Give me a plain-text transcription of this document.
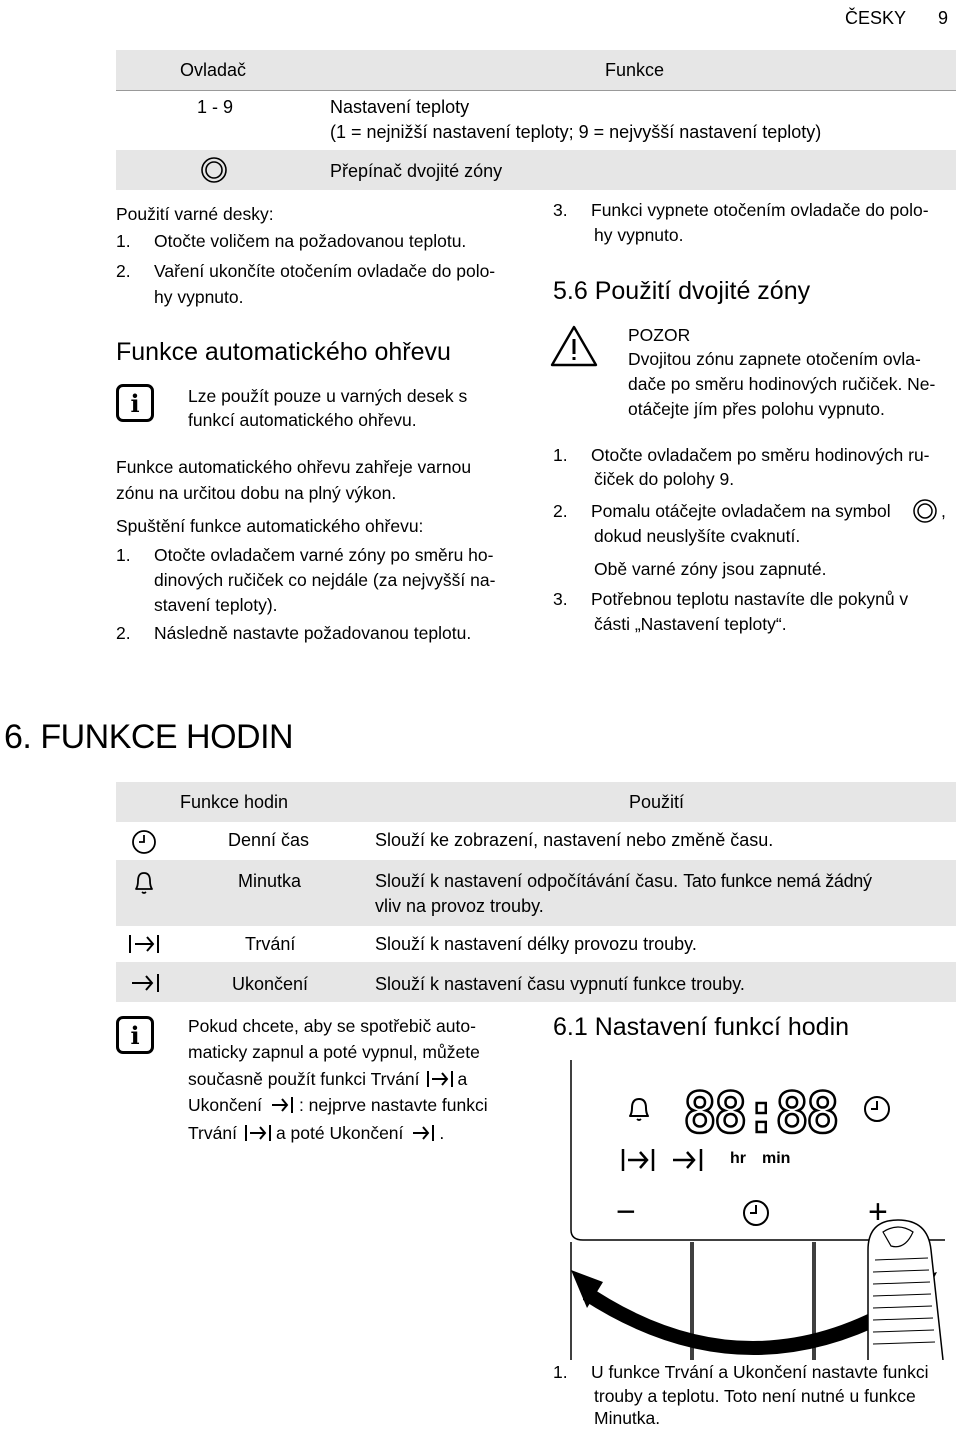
ČESKY 9
Ovladač	Funkce
1 - 9	Nastavení teploty
(1 = nejnižší nastavení teploty; 9 = nejvyšší nastavení teploty)
Přepínač dvojité zóny
Použití varné desky:
1. Otočte voličem na požadovanou teplotu.
2. Vaření ukončíte otočením ovladače do polo-
hy vypnuto.
Funkce automatického ohřevu
i	Lze použít pouze u varných desek s
funkcí automatického ohřevu.
Funkce automatického ohřevu zahřeje varnou
zónu na určitou dobu na plný výkon.
Spuštění funkce automatického ohřevu:
1. Otočte ovladačem varné zóny po směru ho-
dinových ručiček co nejdále (za nejvyšší na-
stavení teploty).
2. Následně nastavte požadovanou teplotu.
3. Funkci vypnete otočením ovladače do polo-
hy vypnuto.
5.6 Použití dvojité zóny
POZOR
Dvojitou zónu zapnete otočením ovla-
dače po směru hodinových ručiček. Ne-
otáčejte jím přes polohu vypnuto.
1. Otočte ovladačem po směru hodinových ru-
čiček do polohy 9.
2. Pomalu otáčejte ovladačem na symbol	,
dokud neuslyšíte cvaknutí.
Obě varné zóny jsou zapnuté.
3. Potřebnou teplotu nastavíte dle pokynů v
části „Nastavení teploty“.
6. FUNKCE HODIN
Funkce hodin	Použití
Denní čas	Slouží ke zobrazení, nastavení nebo změně času.
Minutka	Slouží k nastavení odpočítávání času. Tato funkce nemá žádný
vliv na provoz trouby.
Trvání	Slouží k nastavení délky provozu trouby.
Ukončení	Slouží k nastavení času vypnutí funkce trouby.
i	Pokud chcete, aby se spotřebič auto-
maticky zapnul a poté vypnul, můžete
současně použít funkci Trvání a
Ukončení : nejprve nastavte funkci
Trvání a poté Ukončení .
6.1 Nastavení funkcí hodin
88:88
hr min
−	+
1. U funkce Trvání a Ukončení nastavte funkci
trouby a teplotu. Toto není nutné u funkce
Minutka.
